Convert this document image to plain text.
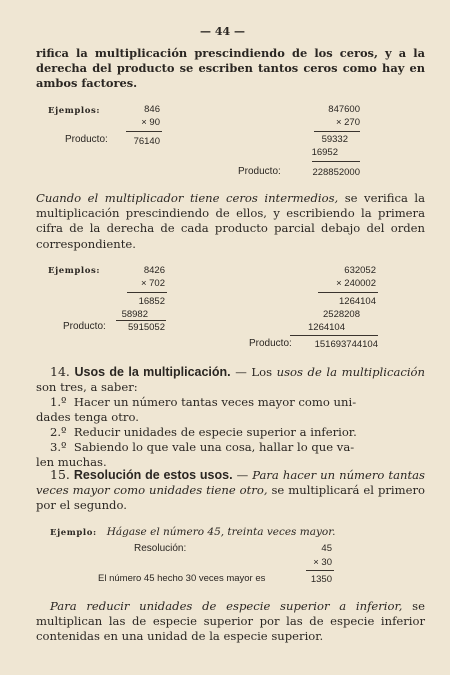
— 44 —
rifica la multiplicación prescindiendo de los ceros, y a la derecha del producto se escriben tantos ceros como hay en ambos factores.
Ejemplos:	846
× 90
Producto:	76140
847600
× 270
59332
16952
Producto:	228852000
Cuando el multiplicador tiene ceros intermedios, se verifica la multiplicación prescindiendo de ellos, y escribiendo la primera cifra de la derecha de cada producto parcial debajo del orden correspondiente.
Ejemplos:	8426
× 702
16852
58982
Producto:	5915052
632052
× 240002
1264104
2528208
1264104
Producto:	151693744104
14. Usos de la multiplicación. — Los usos de la multiplicación son tres, a saber:
1.º Hacer un número tantas veces mayor como uni-
dades tenga otro.
2.º Reducir unidades de especie superior a inferior.
3.º Sabiendo lo que vale una cosa, hallar lo que va-
len muchas.
15. Resolución de estos usos. — Para hacer un número tantas veces mayor como unidades tiene otro, se multiplicará el primero por el segundo.
Ejemplo: Hágase el número 45, treinta veces mayor.
Resolución:	45
× 30
El número 45 hecho 30 veces mayor es	1350
Para reducir unidades de especie superior a inferior, se multiplican las de especie superior por las de especie inferior contenidas en una unidad de la especie superior.
